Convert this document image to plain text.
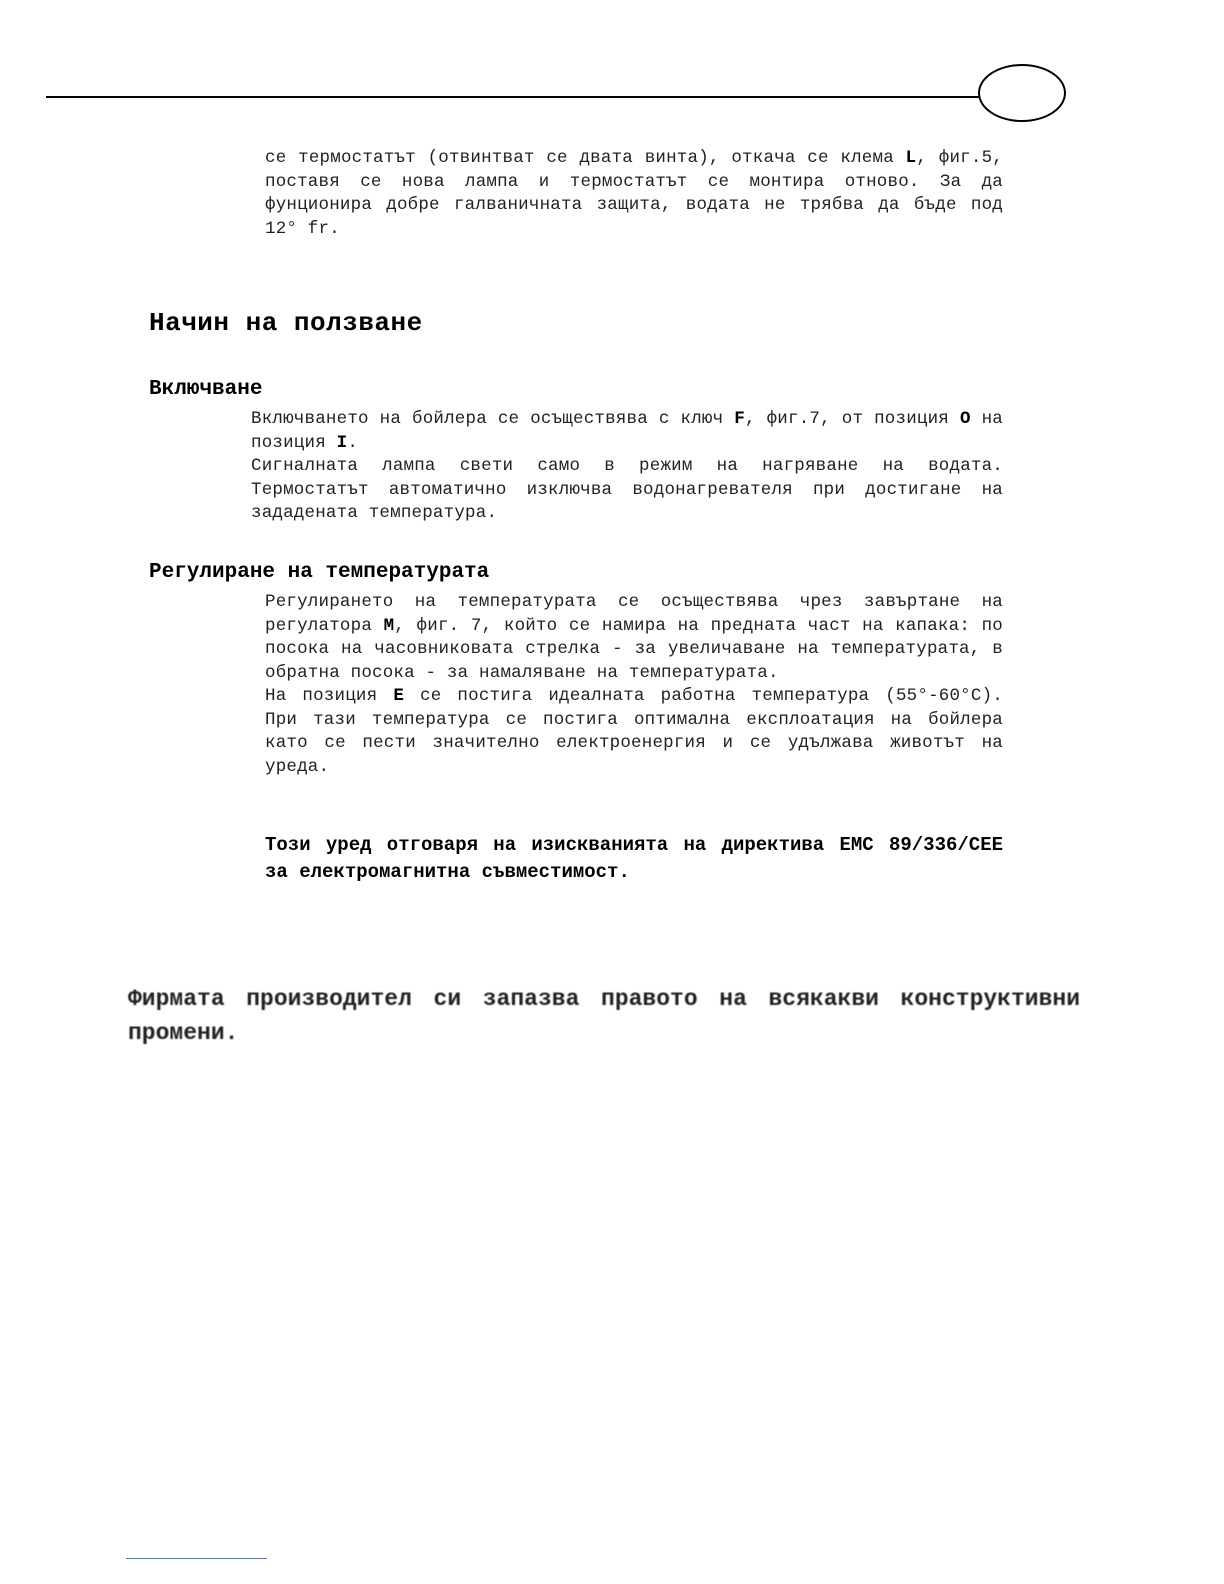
се термостатът (отвинтват се двата винта), откача се клема L, фиг.5, поставя се нова лампа и термостатът се монтира отново. За да фунционира добре галваничната защита, водата не трябва да бъде под 12° fr.

Начин на ползване
Включване

Включването на бойлера се осъществява с ключ F, фиг.7, от позиция O на позиция I.

Сигналната лампа свети само в режим на нагряване на водата. Термостатът автоматично изключва водонагревателя при достигане на зададената температура.

Регулиране на температурата

Регулирането на температурата се осъществява чрез завъртане на регулатора M, фиг. 7, който се намира на предната част на капака: по посока на часовниковата стрелка - за увеличаване на температурата, в обратна посока - за намаляване на температурата.

На позиция E се постига идеалната работна температура (55°-60°C). При тази температура се постига оптимална експлоатация на бойлера като се пести значително електроенергия и се удължава животът на уреда.

Този уред отговаря на изискванията на директива EMC 89/336/CEE за електромагнитна съвместимост.
Фирмата производител си запазва правото на всякакви конструктивни промени.
